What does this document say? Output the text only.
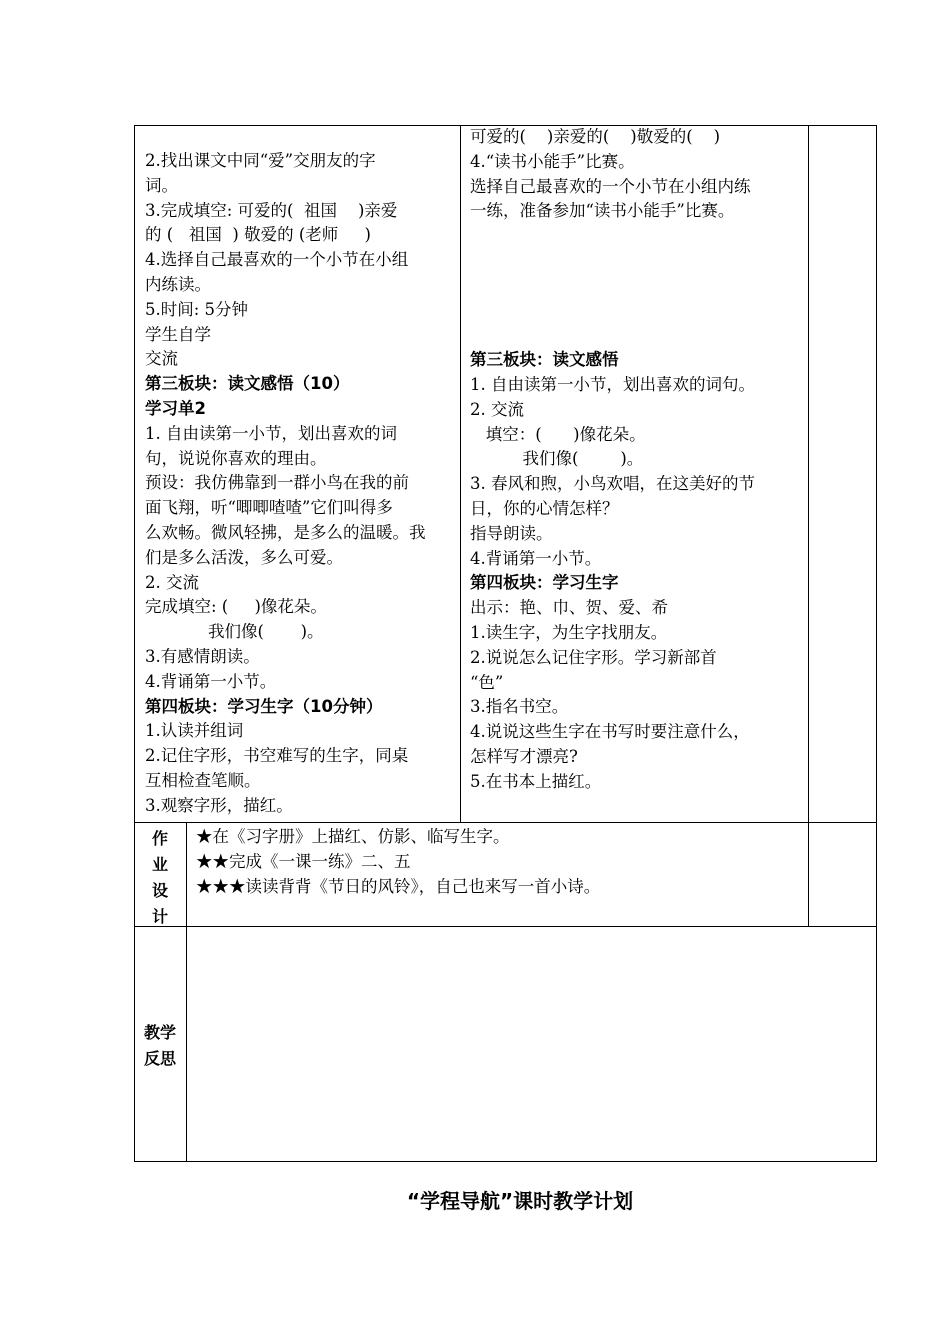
2.找出课文中同“爱”交朋友的字
词。
3.完成填空: 可爱的(  祖国    )亲爱
的 (   祖国  ) 敬爱的 (老师     )
4.选择自己最喜欢的一个小节在小组
内练读。
5.时间: 5分钟
学生自学
交流
第三板块：读文感悟（10）
学习单2
1. 自由读第一小节，划出喜欢的词
句，说说你喜欢的理由。
预设：我仿佛靠到一群小鸟在我的前
面飞翔，听“唧唧喳喳”它们叫得多
么欢畅。微风轻拂，是多么的温暖。我
们是多么活泼，多么可爱。
2. 交流
完成填空: (     )像花朵。
我们像(       )。
3.有感情朗读。
4.背诵第一小节。
第四板块：学习生字（10分钟）
1.认读并组词
2.记住字形，书空难写的生字，同桌
互相检查笔顺。
3.观察字形，描红。
可爱的(    )亲爱的(    )敬爱的(    )
4.“读书小能手”比赛。
选择自己最喜欢的一个小节在小组内练
一练，准备参加“读书小能手”比赛。
第三板块：读文感悟
1. 自由读第一小节，划出喜欢的词句。
2. 交流
填空：(      )像花朵。
我们像(        )。
3. 春风和煦，小鸟欢唱，在这美好的节
日，你的心情怎样？
指导朗读。
4.背诵第一小节。
第四板块：学习生字
出示：艳、巾、贺、爱、希
1.读生字，为生字找朋友。
2.说说怎么记住字形。学习新部首
“色”
3.指名书空。
4.说说这些生字在书写时要注意什么，
怎样写才漂亮?
5.在书本上描红。
作
业
设
计
★在《习字册》上描红、仿影、临写生字。
★★完成《一课一练》二、五
★★★读读背背《节日的风铃》，自己也来写一首小诗。
教学
反思
“学程导航”课时教学计划
